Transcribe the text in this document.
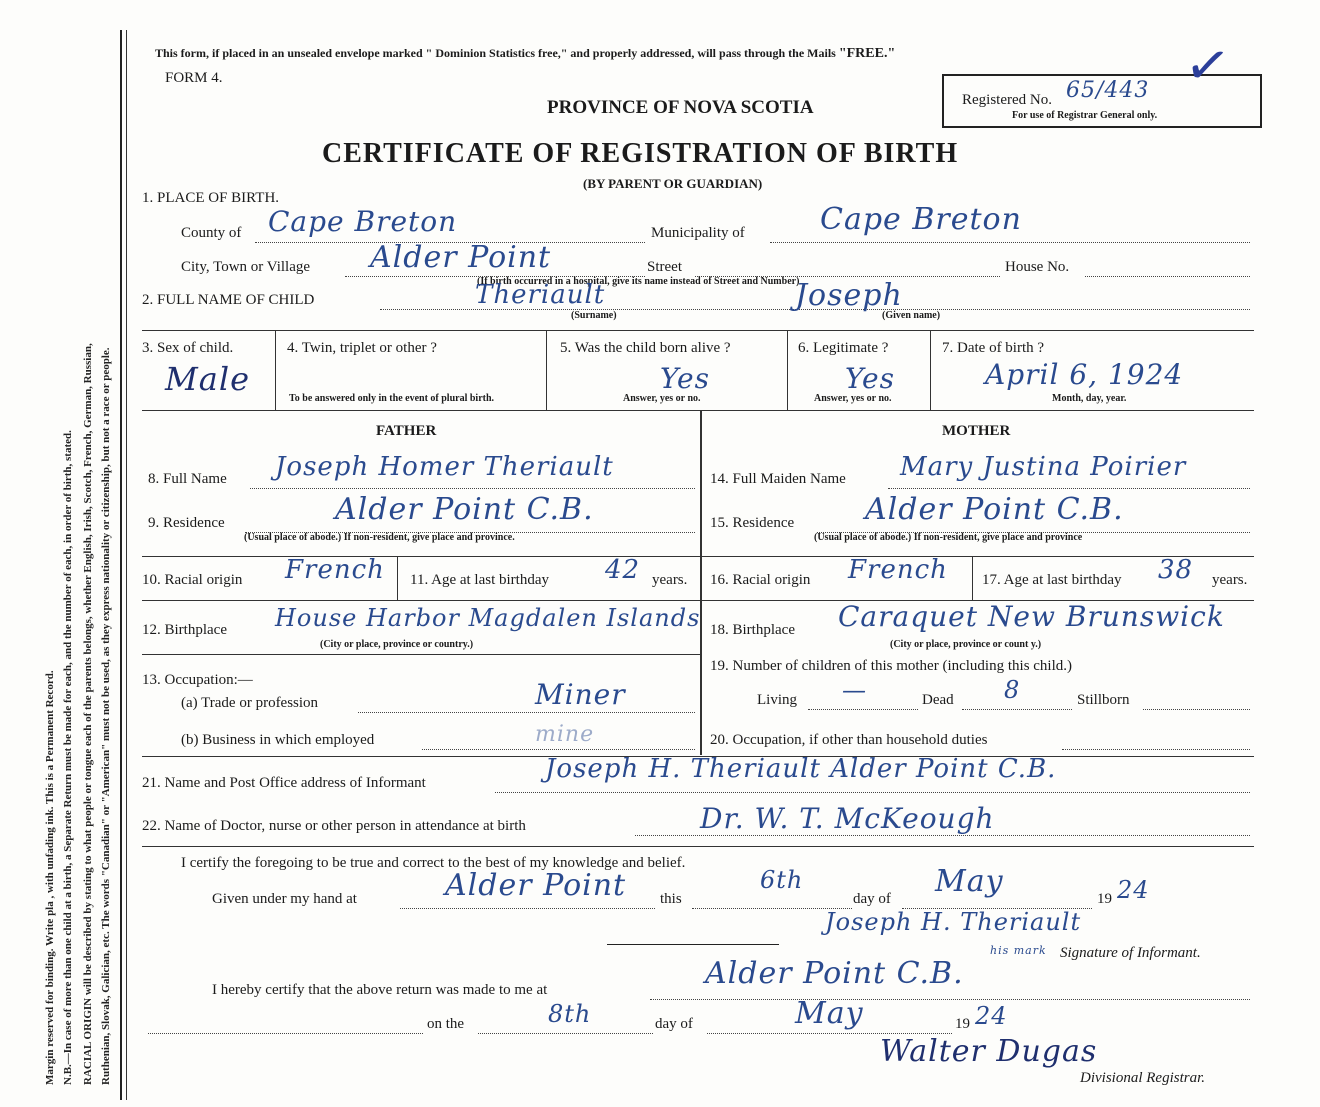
Margin reserved for binding. Write pla , with unfading ink. This is a Permanent Record. N.B.—In case of more than one child at a birth, a Separate Return must be made for each, and the number of each, in order of birth, stated. RACIAL ORIGIN will be described by stating to what people or tongue each of the parents belongs, whether English, Irish, Scotch, French, German, Russian, Ruthenian, Slovak, Galician, etc. The words "Canadian" or "American" must not be used, as they express nationality or citizenship, but not a race or people.
This form, if placed in an unsealed envelope marked " Dominion Statistics free," and properly addressed, will pass through the Mails "FREE."
FORM 4.
PROVINCE OF NOVA SCOTIA	Registered No. 65/443
For use of Registrar General only.
✓
CERTIFICATE OF REGISTRATION OF BIRTH
(BY PARENT OR GUARDIAN)
1. PLACE OF BIRTH.
County of Cape Breton	Municipality of	Cape Breton
City, Town or Village Alder Point	Street	House No.
(If birth occurred in a hospital, give its name instead of Street and Number)
2. FULL NAME OF CHILD	Theriault
(Surname)
Joseph
(Given name)
3. Sex of child.
Male
4. Twin, triplet or other ?
To be answered only in the event of plural birth.
5. Was the child born alive ?
Yes
Answer, yes or no.
6. Legitimate ?
Yes
Answer, yes or no.
7. Date of birth ?
April 6, 1924
Month, day, year.
FATHER	MOTHER
8. Full Name Joseph Homer Theriault
9. Residence	Alder Point C.B.
(Usual place of abode.) If non-resident, give place and province.
10. Racial origin French 11. Age at last birthday 42 years.
12. Birthplace House Harbor Magdalen Islands
(City or place, province or country.)
13. Occupation:—
(a) Trade or profession	Miner
(b) Business in which employed	mine
14. Full Maiden Name Mary Justina Poirier
15. Residence Alder Point C.B.
(Usual place of abode.) If non-resident, give place and province
16. Racial origin French 17. Age at last birthday 38 years.
18. Birthplace Caraquet New Brunswick
(City or place, province or count y.)
19. Number of children of this mother (including this child.)
Living —	Dead 8	Stillborn
20. Occupation, if other than household duties
21. Name and Post Office address of Informant	Joseph H. Theriault Alder Point C.B.
22. Name of Doctor, nurse or other person in attendance at birth	Dr. W. T. McKeough
I certify the foregoing to be true and correct to the best of my knowledge and belief.
Given under my hand at	Alder Point this
6th
day of May	19 24
Joseph H. Theriault
his mark Signature of Informant.
I hereby certify that the above return was made to me at	Alder Point C.B.
on the	8th	day of	May	19 24
Walter Dugas
Divisional Registrar.
